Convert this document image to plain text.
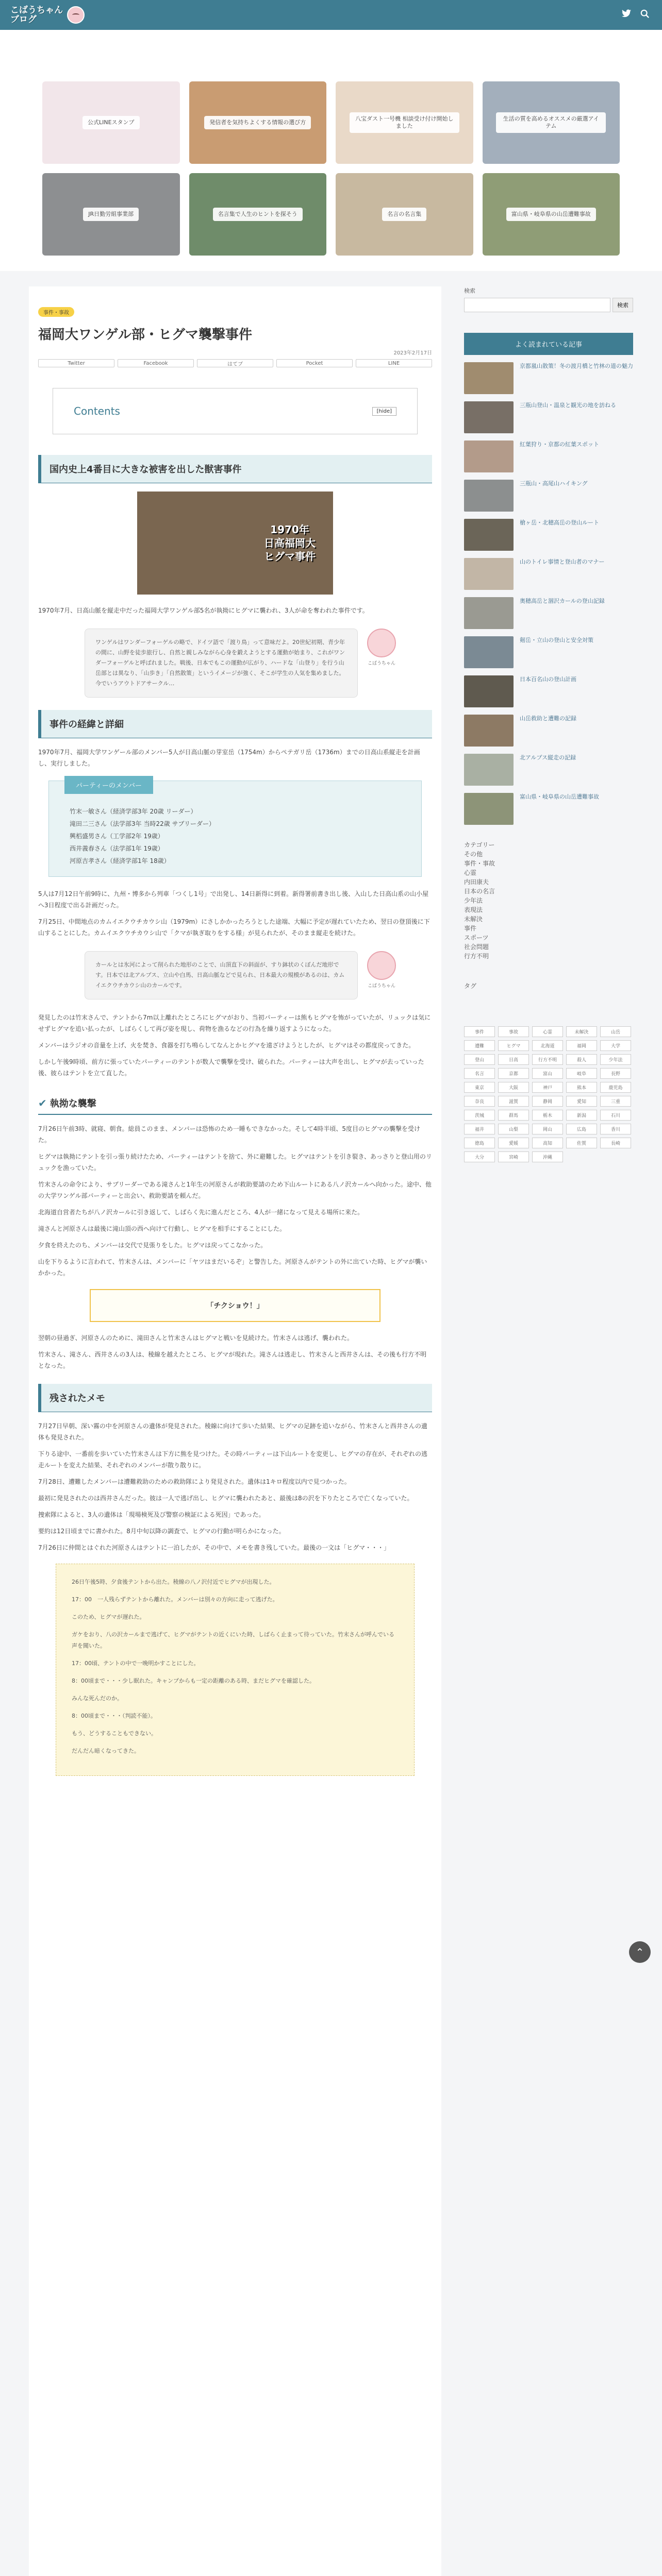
こばうちゃん
ブログ
公式LINEスタンプ	発信者を気持ちよくする情報の選び方
八宝ダスト一号機 相談受け付け開始しました
生活の質を高めるオススメの厳選アイテム
JR日勤労組事業部	名言集で人生のヒントを探そう	名言の名言集	富山県・岐阜県の山岳遭難事故
事件・事故
福岡大ワンゲル部・ヒグマ襲撃事件
2023年2月17日
Twitter	Facebook	はてブ	Pocket	LINE
Contents	[hide]
国内史上4番目に大きな被害を出した獣害事件
1970年
日高福岡大
ヒグマ事件

1970年7月、日高山脈を縦走中だった福岡大学ワンゲル部5名が執拗にヒグマに襲われ、3人が命を奪われた事件です。

ワンゲルはワンダーフォーゲルの略で、ドイツ語で「渡り鳥」って意味だよ。20世紀初期、青少年の間に、山野を徒歩旅行し、自然と親しみながら心身を鍛えようとする運動が始まり、これがワンダーフォーゲルと呼ばれました。戦後、日本でもこの運動が広がり、ハードな「山登り」を行う山岳部とは異なり、「山歩き」「自然散策」というイメージが強く、そこが学生の人気を集めました。今でいうアウトドアサークル…
こばうちゃん
事件の経緯と詳細

1970年7月、福岡大学ワンゲール部のメンバー5人が日高山脈の芽室岳（1754m）からペテガリ岳（1736m）までの日高山系縦走を計画し、実行しました。

パーティーのメンバー
竹末一敏さん（経済学部3年 20歳 リーダー）
滝田二三さん（法学部3年 当時22歳 サブリーダー）
興梠盛男さん（工学部2年 19歳）
西井義春さん（法学部1年 19歳）
河原吉孝さん（経済学部1年 18歳）

5人は7月12日午前9時に、九州・博多から列車「つくし1号」で出発し、14日新得に到着。新得署前書き出し後、入山した日高山系の山小屋へ3日程度で出る計画だった。

7月25日、中間地点のカムイエクウチカウシ山（1979m）にさしかかったろうとした途端、大幅に予定が遅れていたため、翌日の登頂後に下山することにした。カムイエクウチカウシ山で「クマが執ぎ取りをする様」が見られたが、そのまま縦走を続けた。

カールとは氷河によって削られた地形のことで、山頂直下の斜面が、すり鉢状のくぼんだ地形です。日本では北アルプス、立山や白馬、日高山脈などで見られ、日本最大の規模があるのは、カムイエクウチカウシ山のカールです。	こばうちゃん

発見したのは竹末さんで、テントから7m以上離れたところにヒグマがおり、当初パーティーは熊もヒグマを怖がっていたが、リュックは気にせずヒグマを追い払ったが、しばらくして再び姿を現し、荷物を漁るなどの行為を繰り返すようになった。

メンバーはラジオの音量を上げ、火を焚き、食器を打ち鳴らしてなんとかヒグマを遠ざけようとしたが、ヒグマはその都度戻ってきた。

しかし午後9時頃、前方に張っていたパーティーのテントが数人で襲撃を受け、破られた。パーティーは大声を出し、ヒグマが去っていった後、彼らはテントを立て直した。

✔ 執拗な襲撃

7月26日午前3時、就寝、朝食。総員このまま、メンバーは恐怖のため一睡もできなかった。そして4時半頃、5度目のヒグマの襲撃を受けた。

ヒグマは執拗にテントを引っ張り続けたため、パーティーはテントを捨て、外に避難した。ヒグマはテントを引き裂き、あっさりと登山用のリュックを漁っていた。

竹末さんの命令により、サブリーダーである滝さんと1年生の河原さんが救助要請のため下山ルートにある八ノ沢カールへ向かった。途中、他の大学ワンゲル部パーティーと出会い、救助要請を頼んだ。

北海道自営者たちが八ノ沢カールに引き返して、しばらく先に進んだところ、4人が一緒になって見える場所に来た。

滝さんと河原さんは最後に滝山頂の西へ向けて行動し、ヒグマを相手にすることにした。

夕食を終えたのち、メンバーは交代で見張りをした。ヒグマは戻ってこなかった。

山を下りるように言われて、竹末さんは、メンバーに「ヤツはまだいるぞ」と警告した。河原さんがテントの外に出ていた時、ヒグマが襲いかかった。

「チクショウ！」

翌朝の昼過ぎ、河原さんのために、滝田さんと竹末さんはヒグマと戦いを見続けた。竹末さんは逃げ、襲われた。

竹末さん、滝さん、西井さんの3人は、稜線を越えたところ、ヒグマが現れた。滝さんは逃走し、竹末さんと西井さんは、その後も行方不明となった。

残されたメモ

7月27日早朝、深い霧の中を河原さんの遺体が発見された。稜線に向けて歩いた結果、ヒグマの足跡を追いながら、竹末さんと西井さんの遺体も発見された。

下りる途中、一番前を歩いていた竹末さんは下方に熊を見つけた。その時パーティーは下山ルートを変更し、ヒグマの存在が、それぞれの逃走ルートを変えた結果、それぞれのメンバーが散り散りに。

7月28日、遭難したメンバーは遭難救助のための救助隊により発見された。遺体は1キロ程度以内で見つかった。

最初に発見されたのは西井さんだった。彼は一人で逃げ出し、ヒグマに襲われたあと、最後は8の沢を下りたところで亡くなっていた。

捜索隊によると、3人の遺体は「現場検死及び警察の検証による死因」であった。

要約は12日頃までに書かれた。8月中旬以降の調査で、ヒグマの行動が明らかになった。

7月26日に仲間とはぐれた河原さんはテントに一泊したが、その中で、メモを書き残していた。最後の一文は「ヒグマ・・・」

26日午後5時、夕食後テントから出た。稜線の八ノ沢付近でヒグマが出現した。

17：00　一人残らずテントから離れた。メンバーは別々の方向に走って逃げた。

このため、ヒグマが遅れた。

ガケをおり、八の沢カールまで逃げて、ヒグマがテントの近くにいた時、しばらく止まって待っていた。竹末さんが呼んでいる声を聞いた。

17：00頃、テントの中で一晩明かすことにした。

8：00頃まで・・・少し眠れた。キャンプからも一定の距離のある時、まだヒグマを確認した。

みんな死んだのか。

8：00頃まで・・・（判読不能）。

もう、どうすることもできない。

だんだん暗くなってきた。

検索
検索
よく読まれている記事
京都嵐山散策！冬の渡月橋と竹林の道の魅力
三瓶山登山・温泉と観光の地を訪ねる
紅葉狩り・京都の紅葉スポット
三瓶山・高尾山ハイキング
槍ヶ岳・北穂高岳の登山ルート
山のトイレ事情と登山者のマナー
奥穂高岳と涸沢カールの登山記録
剱岳・立山の登山と安全対策
日本百名山の登山計画
山岳救助と遭難の記録
北アルプス縦走の記録
富山県・岐阜県の山岳遭難事故
カテゴリー
その他
事件・事故
心霊
内田康夫
日本の名言
少年法
表現法
未解決
事件
スポーツ
社会問題
行方不明
タグ
事件	事故	心霊	未解決	山岳
遭難	ヒグマ	北海道	福岡	大学
登山	日高	行方不明	殺人	少年法
名言	京都	富山	岐阜	長野
東京	大阪	神戸	熊本	鹿児島
奈良	滋賀	静岡	愛知	三重
茨城	群馬	栃木	新潟	石川
福井	山梨	岡山	広島	香川
徳島	愛媛	高知	佐賀	長崎
大分	宮崎	沖縄
⌃
